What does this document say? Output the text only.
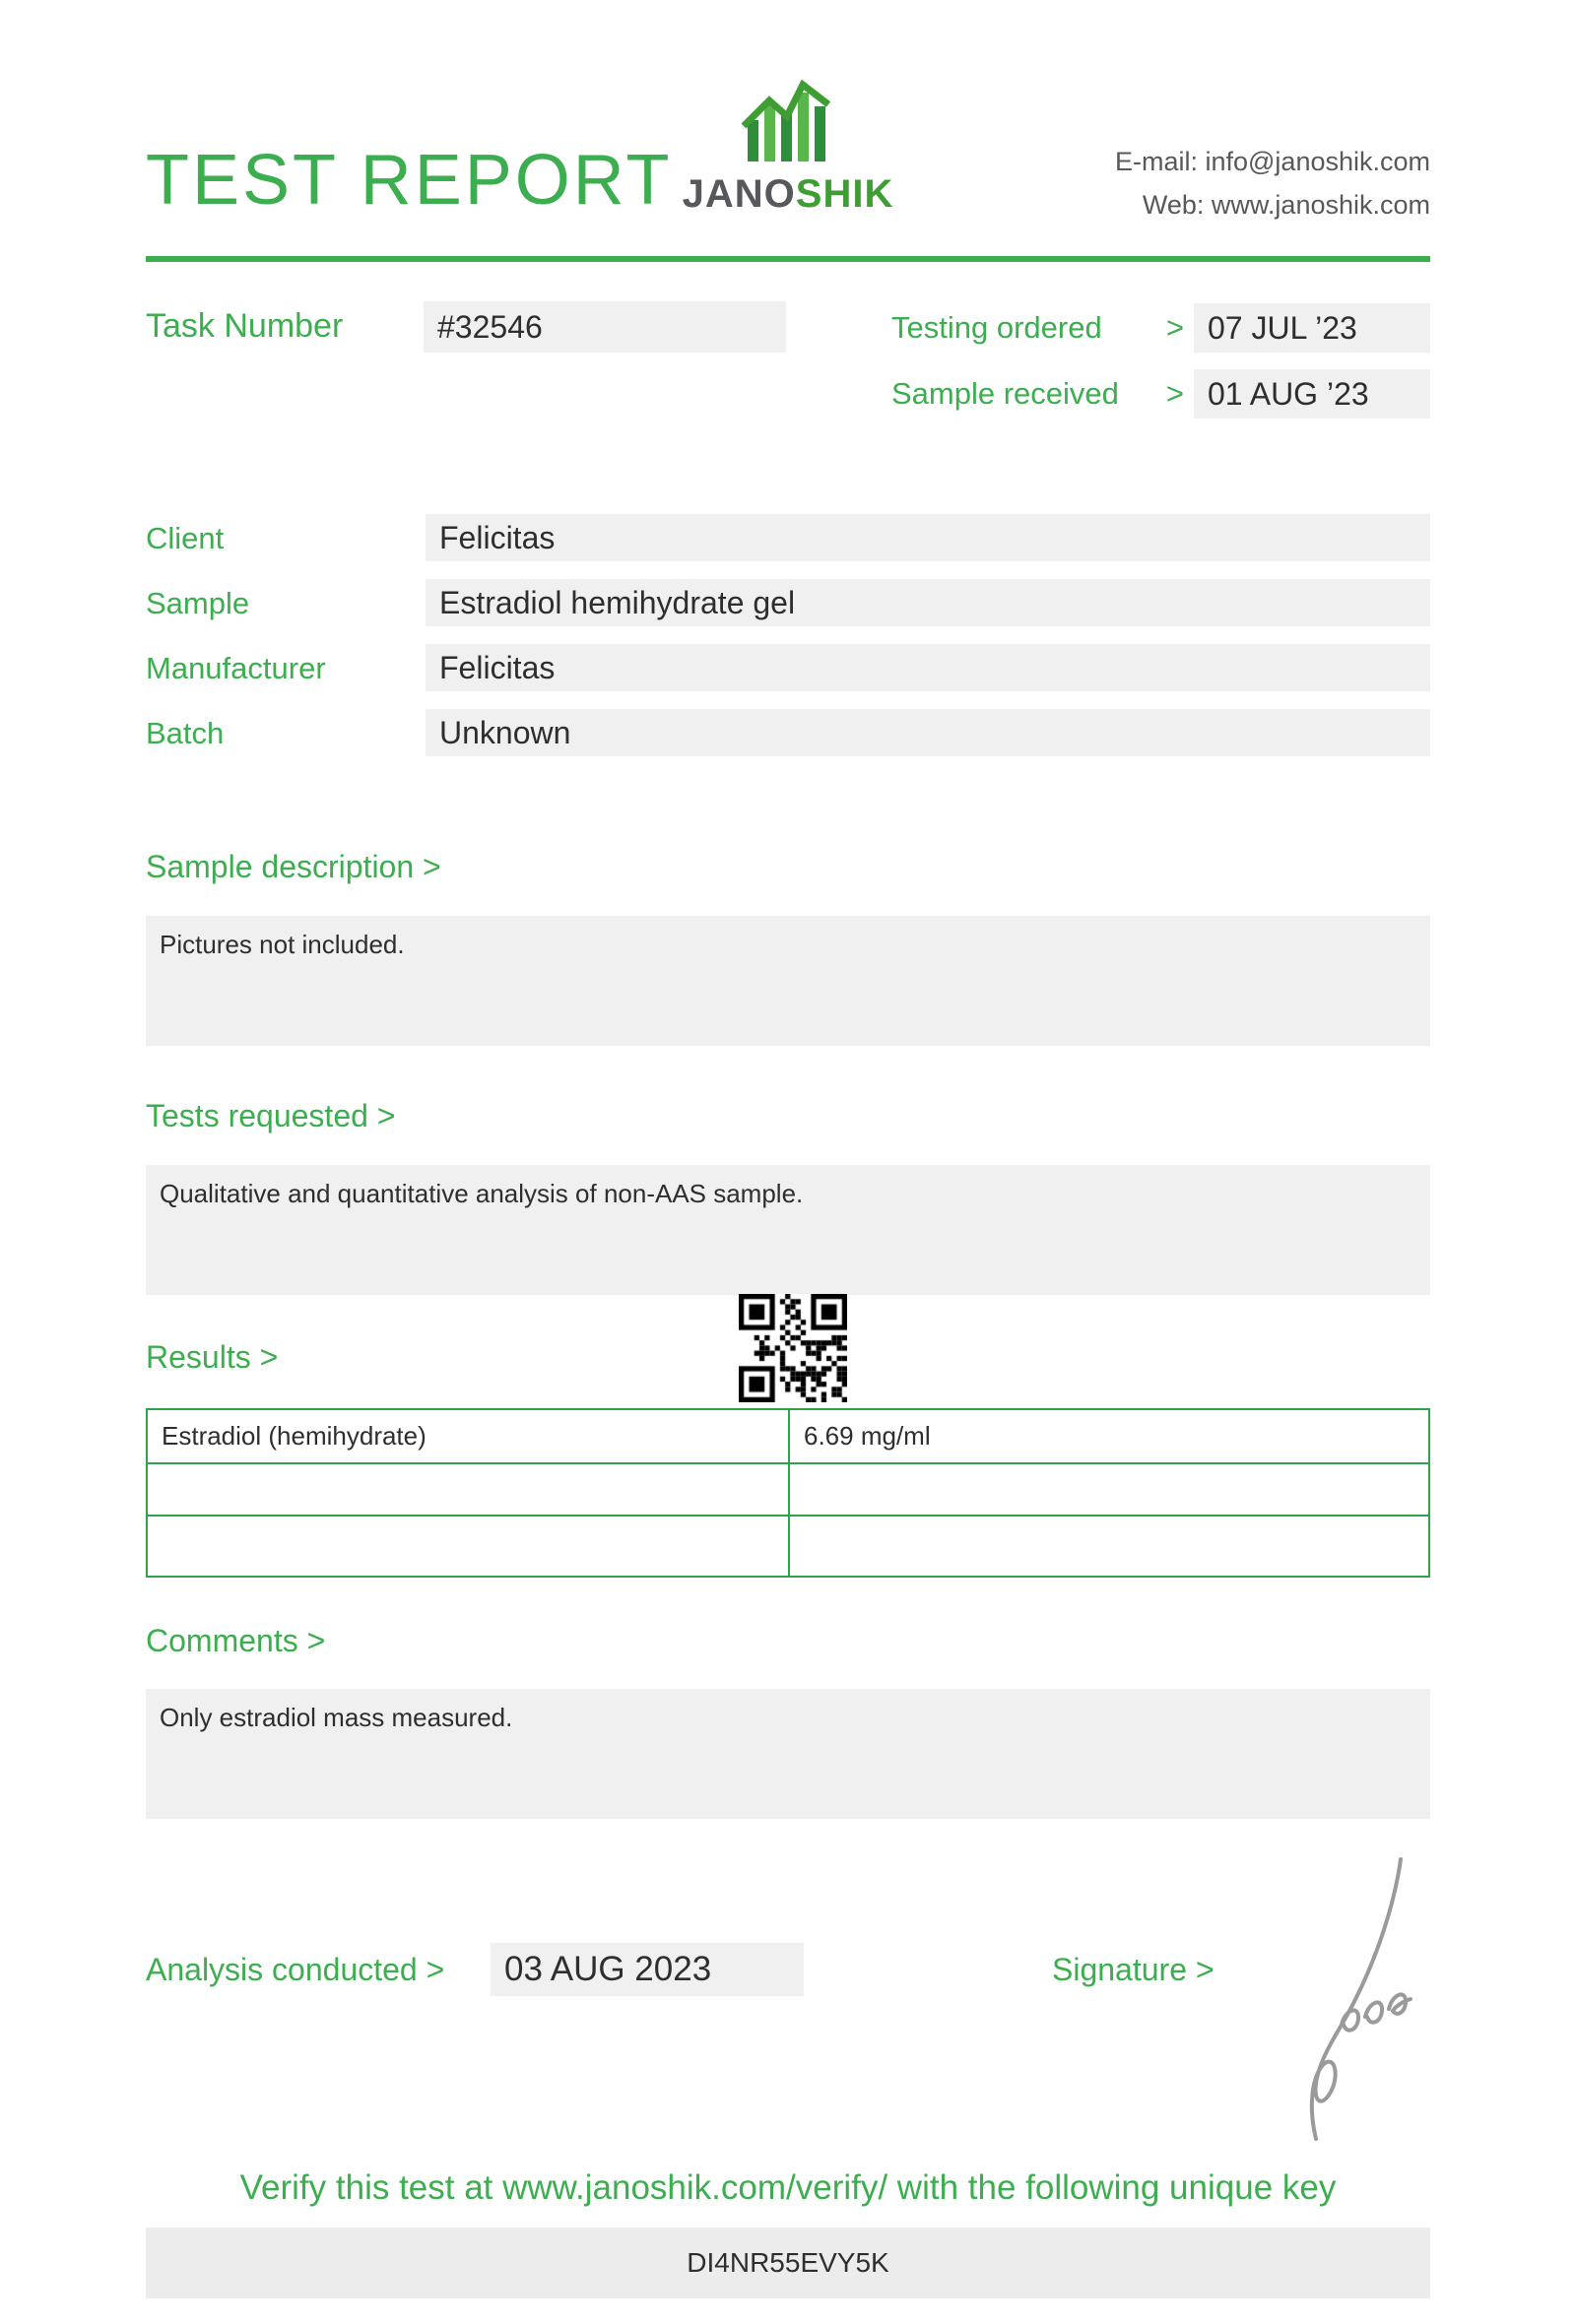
TEST REPORT JANOSHIK
E-mail: info@janoshik.com
Web: www.janoshik.com
Task Number	#32546	Testing ordered > 07 JUL ’23
Sample received > 01 AUG ’23
Client	Felicitas
Sample	Estradiol hemihydrate gel
Manufacturer	Felicitas
Batch	Unknown
Sample description >
Pictures not included.
Tests requested >
Qualitative and quantitative analysis of non-AAS sample.
Results >
Estradiol (hemihydrate)	6.69 mg/ml
Comments >
Only estradiol mass measured.
Analysis conducted >	03 AUG 2023	Signature >
Verify this test at www.janoshik.com/verify/ with the following unique key
DI4NR55EVY5K
